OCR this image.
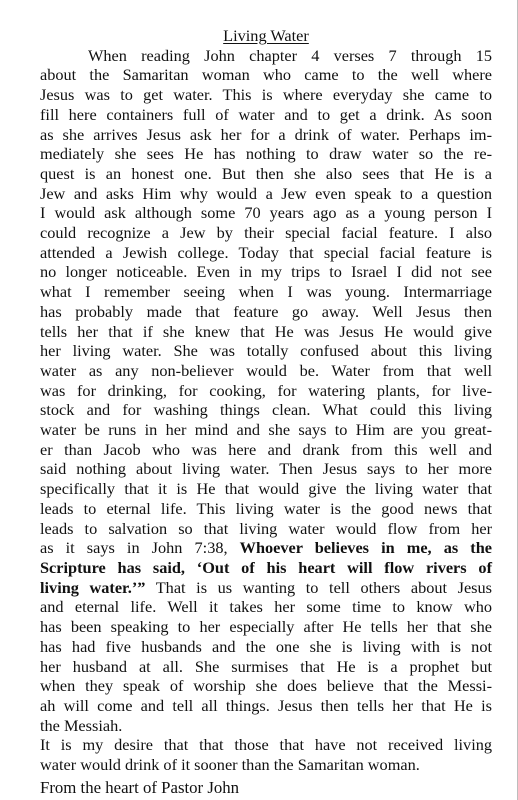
Living Water
When reading John chapter 4 verses 7 through 15
about the Samaritan woman who came to the well where
Jesus was to get water. This is where everyday she came to
fill here containers full of water and to get a drink. As soon
as she arrives Jesus ask her for a drink of water. Perhaps im-
mediately she sees He has nothing to draw water so the re-
quest is an honest one. But then she also sees that He is a
Jew and asks Him why would a Jew even speak to a question
I would ask although some 70 years ago as a young person I
could recognize a Jew by their special facial feature. I also
attended a Jewish college. Today that special facial feature is
no longer noticeable. Even in my trips to Israel I did not see
what I remember seeing when I was young. Intermarriage
has probably made that feature go away. Well Jesus then
tells her that if she knew that He was Jesus He would give
her living water. She was totally confused about this living
water as any non-believer would be. Water from that well
was for drinking, for cooking, for watering plants, for live-
stock and for washing things clean. What could this living
water be runs in her mind and she says to Him are you great-
er than Jacob who was here and drank from this well and
said nothing about living water. Then Jesus says to her more
specifically that it is He that would give the living water that
leads to eternal life. This living water is the good news that
leads to salvation so that living water would flow from her
as it says in John 7:38, Whoever believes in me, as the
Scripture has said, ‘Out of his heart will flow rivers of
living water.’” That is us wanting to tell others about Jesus
and eternal life. Well it takes her some time to know who
has been speaking to her especially after He tells her that she
has had five husbands and the one she is living with is not
her husband at all. She surmises that He is a prophet but
when they speak of worship she does believe that the Messi-
ah will come and tell all things. Jesus then tells her that He is
the Messiah.
It is my desire that that those that have not received living
water would drink of it sooner than the Samaritan woman.
From the heart of Pastor John
